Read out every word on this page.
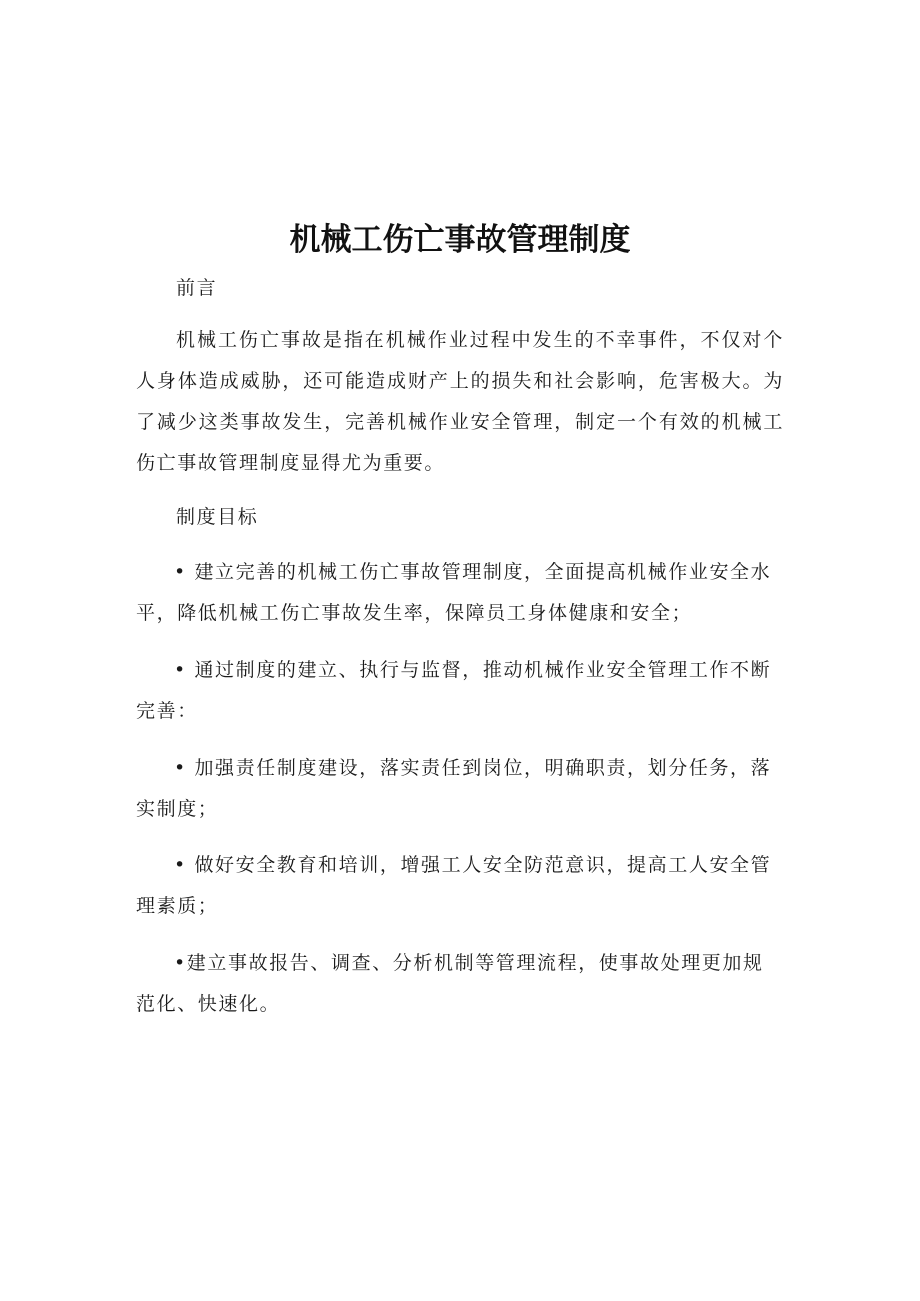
机械工伤亡事故管理制度

前言

机械工伤亡事故是指在机械作业过程中发生的不幸事件，不仅对个人身体造成威胁，还可能造成财产上的损失和社会影响，危害极大。为了减少这类事故发生，完善机械作业安全管理，制定一个有效的机械工伤亡事故管理制度显得尤为重要。

制度目标

• 建立完善的机械工伤亡事故管理制度，全面提高机械作业安全水平，降低机械工伤亡事故发生率，保障员工身体健康和安全；

• 通过制度的建立、执行与监督，推动机械作业安全管理工作不断完善：

• 加强责任制度建设，落实责任到岗位，明确职责，划分任务，落实制度；

• 做好安全教育和培训，增强工人安全防范意识，提高工人安全管理素质；

•建立事故报告、调查、分析机制等管理流程，使事故处理更加规范化、快速化。
